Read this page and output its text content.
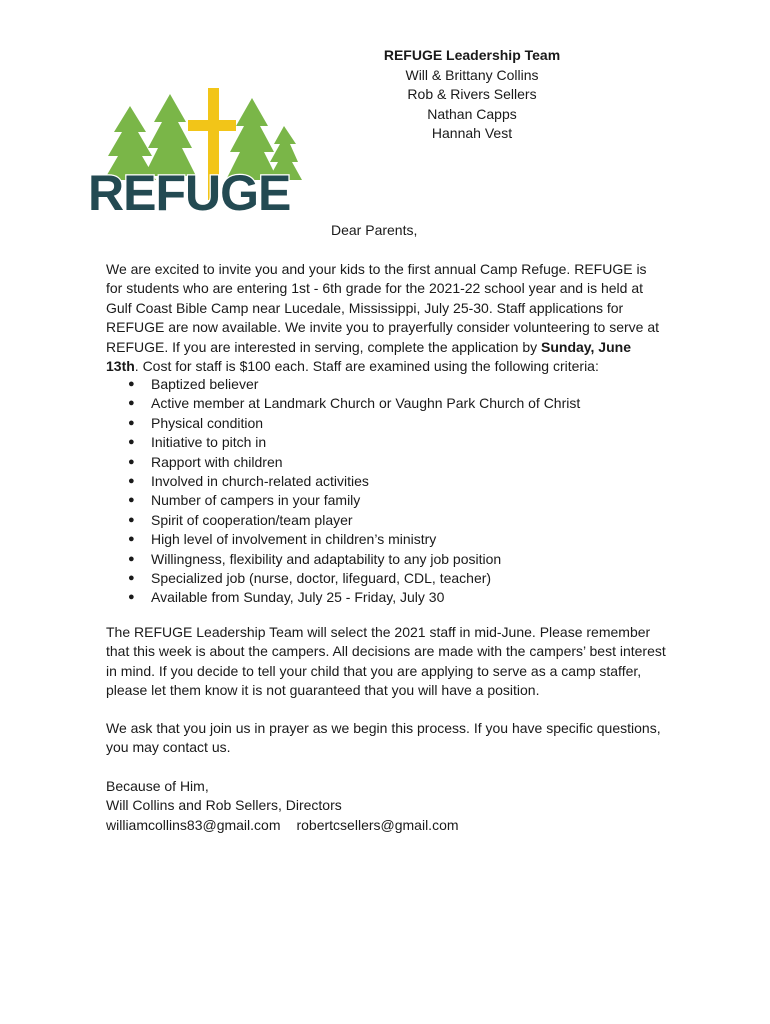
REFUGE Leadership Team
Will & Brittany Collins
Rob & Rivers Sellers
Nathan Capps
Hannah Vest
REFUGE
Dear Parents,
We are excited to invite you and your kids to the first annual Camp Refuge. REFUGE is for students who are entering 1st - 6th grade for the 2021-22 school year and is held at Gulf Coast Bible Camp near Lucedale, Mississippi, July 25-30. Staff applications for REFUGE are now available. We invite you to prayerfully consider volunteering to serve at REFUGE. If you are interested in serving, complete the application by Sunday, June 13th. Cost for staff is $100 each. Staff are examined using the following criteria:
● Baptized believer
● Active member at Landmark Church or Vaughn Park Church of Christ
● Physical condition
● Initiative to pitch in
● Rapport with children
● Involved in church-related activities
● Number of campers in your family
● Spirit of cooperation/team player
● High level of involvement in children’s ministry
● Willingness, flexibility and adaptability to any job position
● Specialized job (nurse, doctor, lifeguard, CDL, teacher)
● Available from Sunday, July 25 - Friday, July 30
The REFUGE Leadership Team will select the 2021 staff in mid-June. Please remember that this week is about the campers. All decisions are made with the campers’ best interest in mind. If you decide to tell your child that you are applying to serve as a camp staffer, please let them know it is not guaranteed that you will have a position.
We ask that you join us in prayer as we begin this process. If you have specific questions, you may contact us.
Because of Him,
Will Collins and Rob Sellers, Directors
williamcollins83@gmail.com robertcsellers@gmail.com
